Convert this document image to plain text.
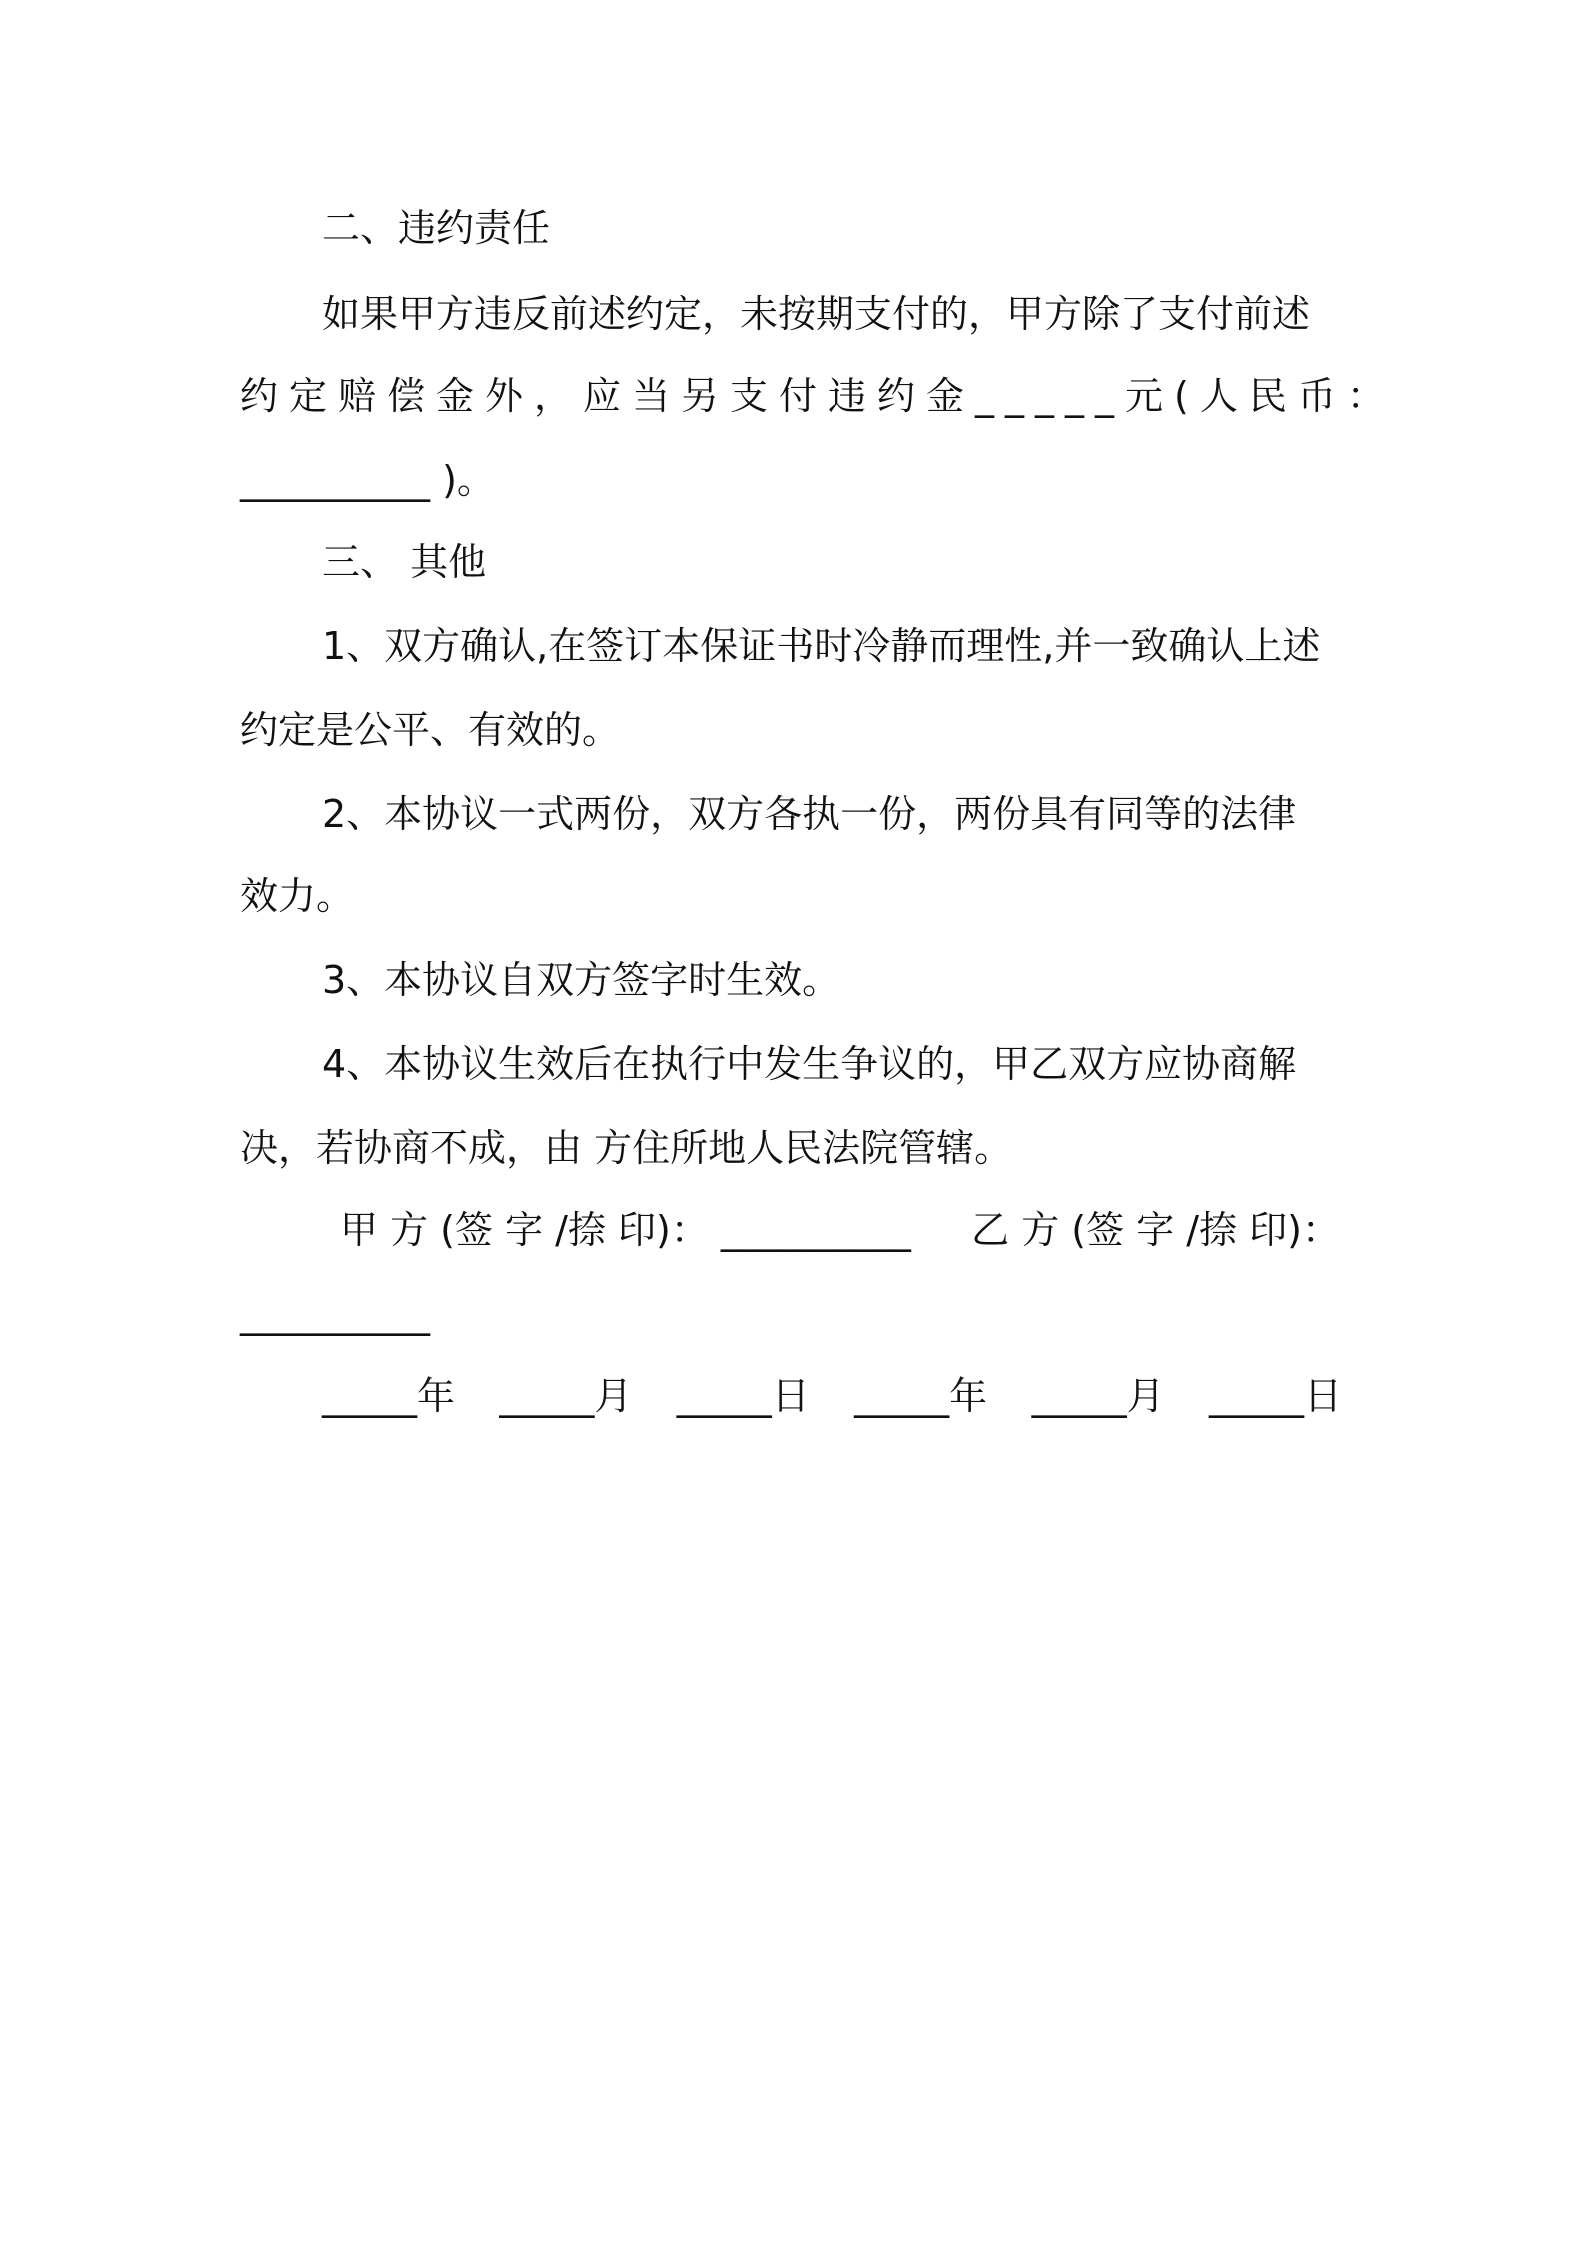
二、违约责任
如果甲方违反前述约定，未按期支付的，甲方除了支付前述
约定赔偿金外，应当另支付违约金 _____元(人民币：
__________ )。
三、 其他
1、双方确认,在签订本保证书时冷静而理性,并一致确认上述
约定是公平、有效的。
2、本协议一式两份，双方各执一份，两份具有同等的法律
效力。
3、本协议自双方签字时生效。
4、本协议生效后在执行中发生争议的，甲乙双方应协商解
决，若协商不成，由 方住所地人民法院管辖。
甲 方 (签 字 /捺 印)： __________ 乙 方 (签 字 /捺 印)：
__________
_____年 _____月 _____日 _____年 _____月 _____日
